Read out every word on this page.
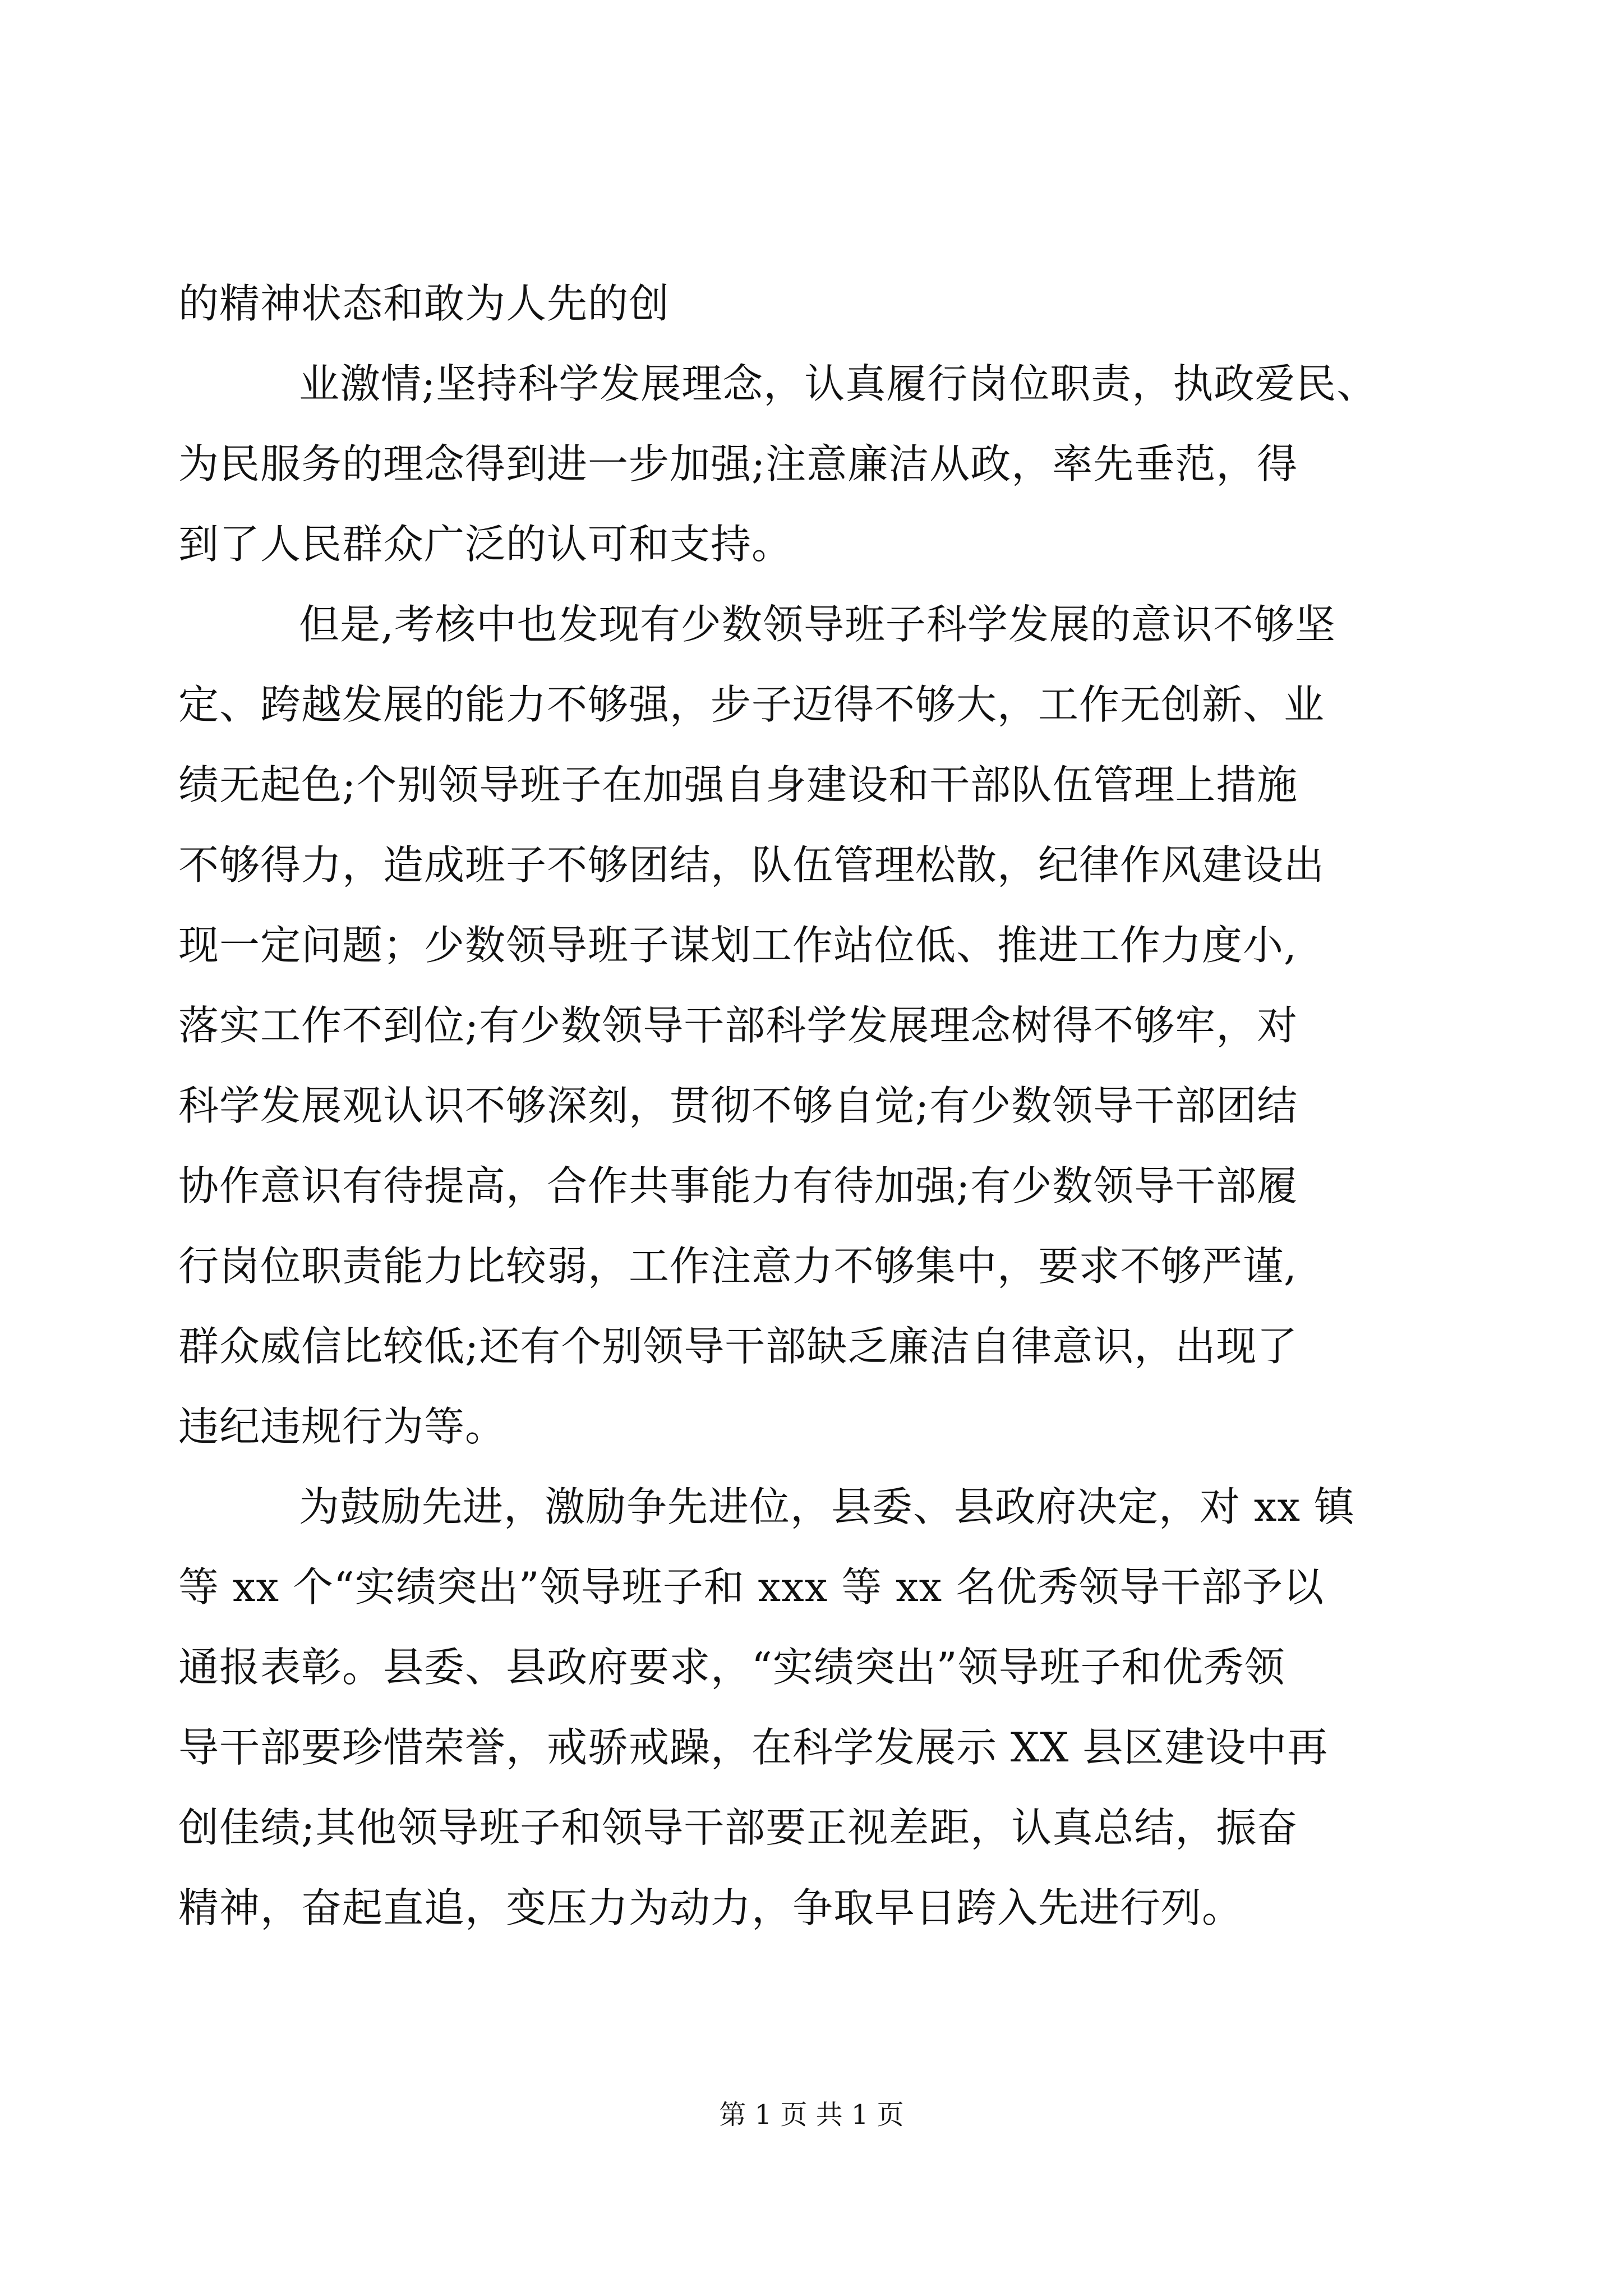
的精神状态和敢为人先的创
业激情;坚持科学发展理念，认真履行岗位职责，执政爱民、
为民服务的理念得到进一步加强;注意廉洁从政，率先垂范，得
到了人民群众广泛的认可和支持。
但是,考核中也发现有少数领导班子科学发展的意识不够坚
定、跨越发展的能力不够强，步子迈得不够大，工作无创新、业
绩无起色;个别领导班子在加强自身建设和干部队伍管理上措施
不够得力，造成班子不够团结，队伍管理松散，纪律作风建设出
现一定问题；少数领导班子谋划工作站位低、推进工作力度小,
落实工作不到位;有少数领导干部科学发展理念树得不够牢，对
科学发展观认识不够深刻，贯彻不够自觉;有少数领导干部团结
协作意识有待提高，合作共事能力有待加强;有少数领导干部履
行岗位职责能力比较弱，工作注意力不够集中，要求不够严谨,
群众威信比较低;还有个别领导干部缺乏廉洁自律意识，出现了
违纪违规行为等。
为鼓励先进，激励争先进位，县委、县政府决定，对 xx 镇
等 xx 个“实绩突出”领导班子和 xxx 等 xx 名优秀领导干部予以
通报表彰。县委、县政府要求，“实绩突出”领导班子和优秀领
导干部要珍惜荣誉，戒骄戒躁，在科学发展示 XX 县区建设中再
创佳绩;其他领导班子和领导干部要正视差距，认真总结，振奋
精神，奋起直追，变压力为动力，争取早日跨入先进行列。
第 1 页 共 1 页
